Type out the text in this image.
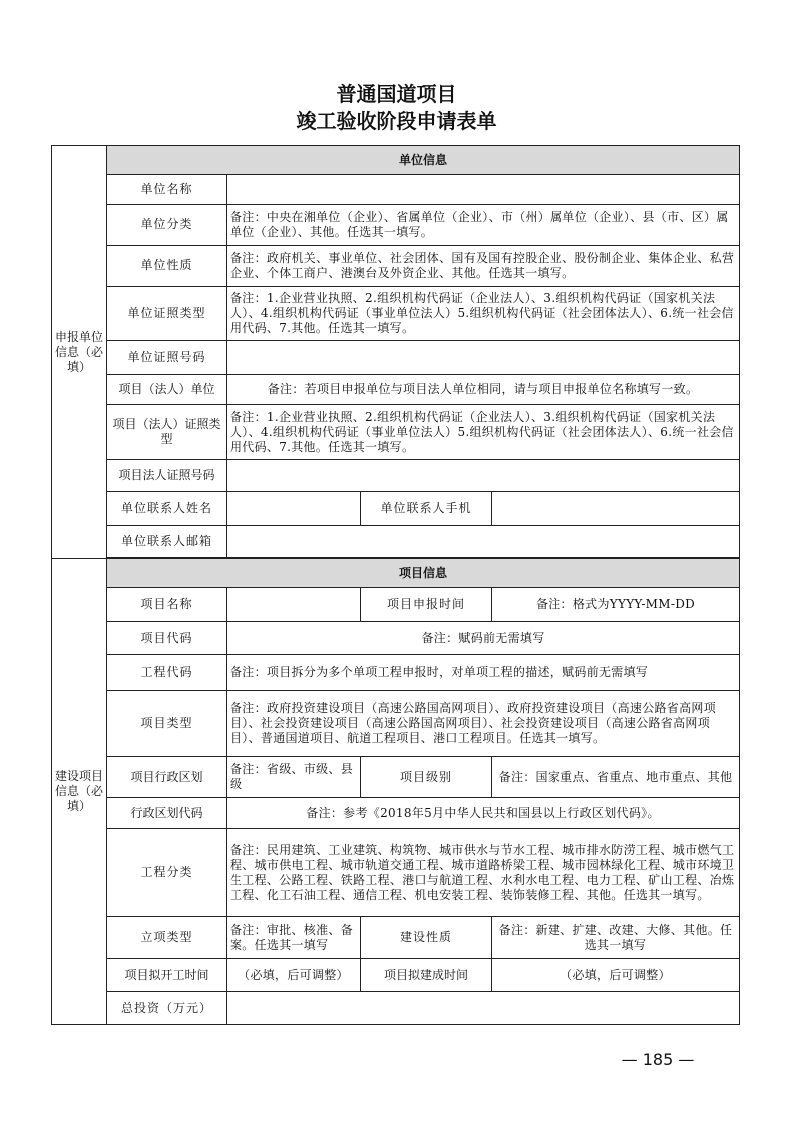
普通国道项目
竣工验收阶段申请表单
申报单位信息（必填）	单位信息			
	单位名称			
	单位分类	备注：中央在湘单位（企业）、省属单位（企业）、市（州）属单位（企业）、县（市、区）属单位（企业）、其他。任选其一填写。		
	单位性质	备注：政府机关、事业单位、社会团体、国有及国有控股企业、股份制企业、集体企业、私营企业、个体工商户、港澳台及外资企业、其他。任选其一填写。		
	单位证照类型	备注：1.企业营业执照、2.组织机构代码证（企业法人）、3.组织机构代码证（国家机关法人）、4.组织机构代码证（事业单位法人）5.组织机构代码证（社会团体法人）、6.统一社会信用代码、7.其他。任选其一填写。		
	单位证照号码			
	项目（法人）单位	备注：若项目申报单位与项目法人单位相同，请与项目申报单位名称填写一致。		
	项目（法人）证照类型	备注：1.企业营业执照、2.组织机构代码证（企业法人）、3.组织机构代码证（国家机关法人）、4.组织机构代码证（事业单位法人）5.组织机构代码证（社会团体法人）、6.统一社会信用代码、7.其他。任选其一填写。		
	项目法人证照号码			
	单位联系人姓名		单位联系人手机	
	单位联系人邮箱			

建设项目信息（必填）	项目信息			
	项目名称		项目申报时间	备注：格式为YYYY-MM-DD
	项目代码	备注：赋码前无需填写		
	工程代码	备注：项目拆分为多个单项工程申报时，对单项工程的描述，赋码前无需填写		
	项目类型	备注：政府投资建设项目（高速公路国高网项目）、政府投资建设项目（高速公路省高网项目）、社会投资建设项目（高速公路国高网项目）、社会投资建设项目（高速公路省高网项目）、普通国道项目、航道工程项目、港口工程项目。任选其一填写。		
	项目行政区划	备注：省级、市级、县级	项目级别	备注：国家重点、省重点、地市重点、其他
	行政区划代码	备注：参考《2018年5月中华人民共和国县以上行政区划代码》。		
	工程分类	备注：民用建筑、工业建筑、构筑物、城市供水与节水工程、城市排水防涝工程、城市燃气工程、城市供电工程、城市轨道交通工程、城市道路桥梁工程、城市园林绿化工程、城市环境卫生工程、公路工程、铁路工程、港口与航道工程、水利水电工程、电力工程、矿山工程、冶炼工程、化工石油工程、通信工程、机电安装工程、装饰装修工程、其他。任选其一填写。		
	立项类型	备注：审批、核准、备案。任选其一填写	建设性质	备注：新建、扩建、改建、大修、其他。任选其一填写
	项目拟开工时间	（必填，后可调整）	项目拟建成时间	（必填，后可调整）
	总投资（万元）			
— 185 —
